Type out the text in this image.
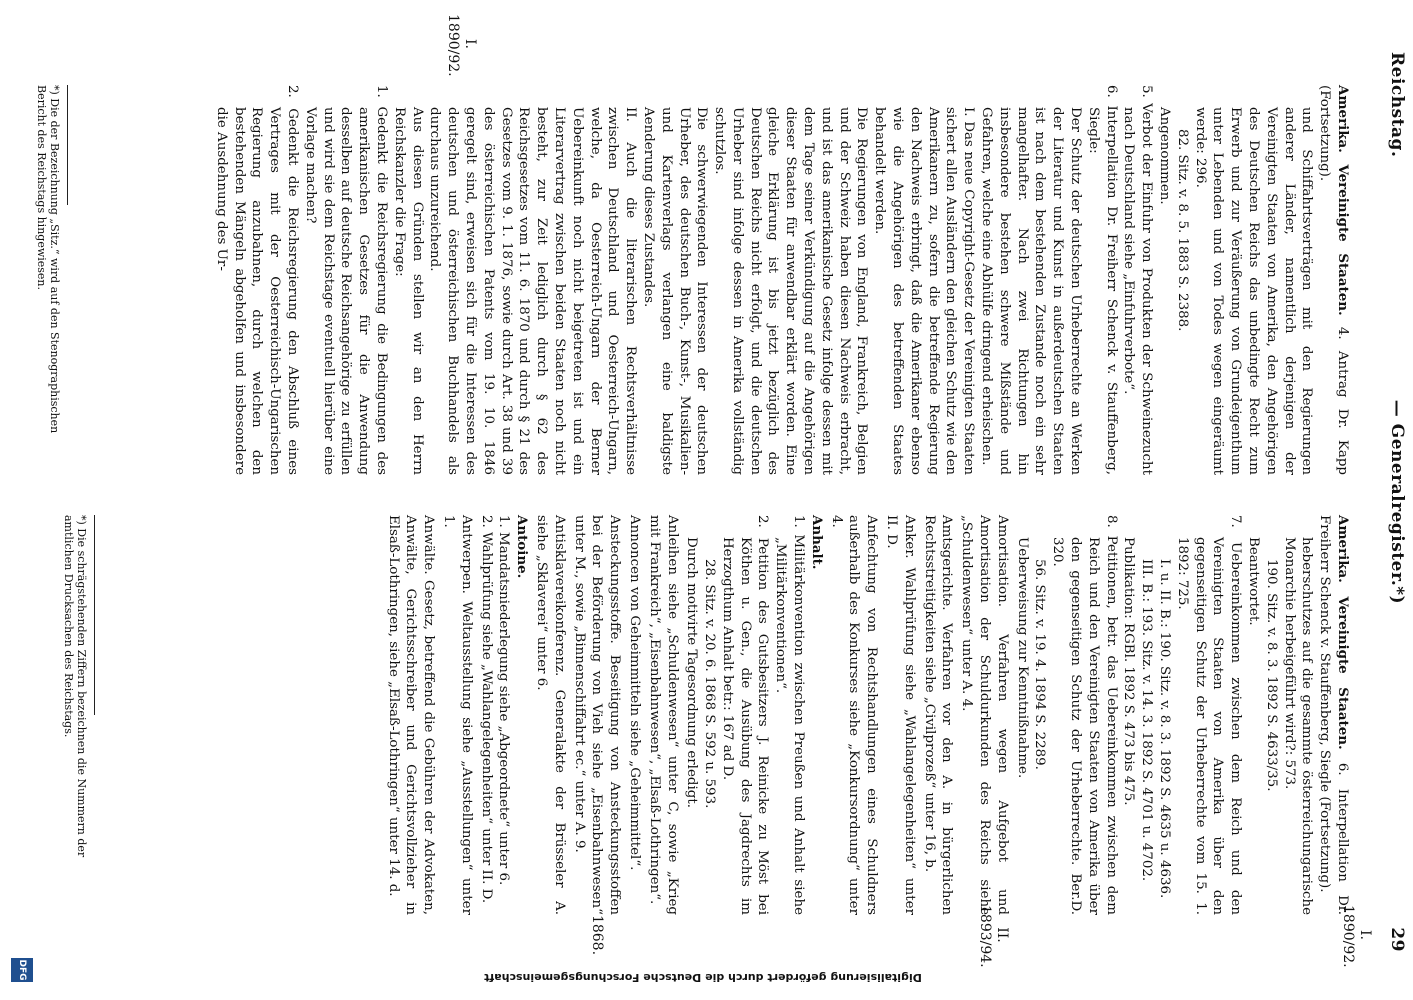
Reichstag.
— Generalregister.*)
29
I.
1890/92.
I.
1890/92.
II.
1893/94.
1868.

Amerika. Vereinigte Staaten. 4. Antrag Dr. Kapp (Fortsetzung).

und Schiffahrtsverträgen mit den Regierungen anderer Länder, namentlich derjenigen der Vereinigten Staaten von Amerika, den Angehörigen des Deutschen Reichs das unbedingte Recht zum Erwerb und zur Veräußerung von Grundeigenthum unter Lebenden und von Todes wegen eingeräumt werde: 296.

82. Sitz. v. 8. 5. 1883 S. 2388.

Angenommen.

5. Verbot der Einfuhr von Produkten der Schweinezucht nach Deutschland siehe „Einfuhrverbote“.

6. Interpellation Dr. Freiherr Schenck v. Stauffenberg, Siegle:

Der Schutz der deutschen Urheberrechte an Werken der Literatur und Kunst in außerdeutschen Staaten ist nach dem bestehenden Zustande noch ein sehr mangelhafter. Nach zwei Richtungen hin insbesondere bestehen schwere Mißstände und Gefahren, welche eine Abhülfe dringend erheischen.

I. Das neue Copyright-Gesetz der Vereinigten Staaten sichert allen Ausländern den gleichen Schutz wie den Amerikanern zu, sofern die betreffende Regierung den Nachweis erbringt, daß die Amerikaner ebenso wie die Angehörigen des betreffenden Staates behandelt werden.

Die Regierungen von England, Frankreich, Belgien und der Schweiz haben diesen Nachweis erbracht, und ist das amerikanische Gesetz infolge dessen mit dem Tage seiner Verkündigung auf die Angehörigen dieser Staaten für anwendbar erklärt worden. Eine gleiche Erklärung ist bis jetzt bezüglich des Deutschen Reichs nicht erfolgt, und die deutschen Urheber sind infolge dessen in Amerika vollständig schutzlos.

Die schwerwiegenden Interessen der deutschen Urheber, des deutschen Buch-, Kunst-, Musikalien- und Kartenverlags verlangen eine baldigste Aenderung dieses Zustandes.

II. Auch die literarischen Rechtsverhältnisse zwischen Deutschland und Oesterreich-Ungarn, welche, da Oesterreich-Ungarn der Berner Uebereinkunft noch nicht beigetreten ist und ein Literarvertrag zwischen beiden Staaten noch nicht besteht, zur Zeit lediglich durch § 62 des Reichsgesetzes vom 11. 6. 1870 und durch § 21 des Gesetzes vom 9. 1. 1876, sowie durch Art. 38 und 39 des österreichischen Patents vom 19. 10. 1846 geregelt sind, erweisen sich für die Interessen des deutschen und österreichischen Buchhandels als durchaus unzureichend.

Aus diesen Gründen stellen wir an den Herrn Reichskanzler die Frage:

1. Gedenkt die Reichsregierung die Bedingungen des amerikanischen Gesetzes für die Anwendung desselben auf deutsche Reichsangehörige zu erfüllen und wird sie dem Reichstage eventuell hierüber eine Vorlage machen?

2. Gedenkt die Reichsregierung den Abschluß eines Vertrages mit der Oesterreichisch-Ungarischen Regierung anzubahnen, durch welchen den bestehenden Mängeln abgeholfen und insbesondere die Ausdehnung des Ur-

*) Die der Bezeichnung „Sitz.“ wird auf den Stenographischen Bericht des Reichstags hingewiesen.

Amerika. Vereinigte Staaten. 6. Interpellation Dr. Freiherr Schenck v. Stauffenberg, Siegle (Fortsetzung).

heberschutzes auf die gesammte österreichungarische Monarchie herbeigeführt wird?: 573.

190. Sitz. v. 8. 3. 1892 S. 4633/35.

Beantwortet.

7. Uebereinkommen zwischen dem Reich und den Vereinigten Staaten von Amerika über den gegenseitigen Schutz der Urheberrechte vom 15. 1. 1892: 725.

I. u. II. B.: 190. Sitz. v. 8. 3. 1892 S. 4635 u. 4636.

III. B.: 193. Sitz. v. 14. 3. 1892 S. 4701 u. 4702.

Publikation: RGBl. 1892 S. 473 bis 475.

8. Petitionen, betr. das Uebereinkommen zwischen dem Reich und den Vereinigten Staaten von Amerika über den gegenseitigen Schutz der Urheberrechte. Ber.D. 320.

56. Sitz. v. 19. 4. 1894 S. 2289.

Ueberweisung zur Kenntnißnahme.

Amortisation. Verfahren wegen Aufgebot und Amortisation der Schuldurkunden des Reichs siehe „Schuldenwesen“ unter A. 4.

Amtsgerichte. Verfahren vor den A. in bürgerlichen Rechtsstreitigkeiten siehe „Civilprozeß“ unter 16, b.

Anker. Wahlprüfung siehe „Wahlangelegenheiten“ unter II. D.

Anfechtung von Rechtshandlungen eines Schuldners außerhalb des Konkurses siehe „Konkursordnung“ unter 4.

Anhalt.

1. Militärkonvention zwischen Preußen und Anhalt siehe „Militärkonventionen“.

2. Petition des Gutsbesitzers J. Reinicke zu Möst bei Köthen u. Gen., die Ausübung des Jagdrechts im Herzogthum Anhalt betr.: 167 ad D.

28. Sitz. v. 20. 6. 1868 S. 592 u. 593.

Durch motivirte Tagesordnung erledigt.

Anleihen siehe „Schuldenwesen“ unter C, sowie „Krieg mit Frankreich“, „Eisenbahnwesen“, „Elsaß-Lothringen“.

Annoncen von Geheimmitteln siehe „Geheimmittel“.

Ansteckungsstoffe. Beseitigung von Ansteckungsstoffen bei der Beförderung von Vieh siehe „Eisenbahnwesen“ unter M., sowie „Binnenschiffahrt ec.“ unter A. 9.

Antisklavereikonferenz. Generalakte der Brüsseler A. siehe „Sklaverei“ unter 6.

Antoine.

1. Mandatsniederlegung siehe „Abgeordnete“ unter 6.

2. Wahlprüfung siehe „Wahlangelegenheiten“ unter II. D.

Antwerpen. Weltausstellung siehe „Ausstellungen“ unter 1.

Anwälte. Gesetz, betreffend die Gebühren der Advokaten, Anwälte, Gerichtsschreiber und Gerichtsvollzieher in Elsaß-Lothringen, siehe „Elsaß-Lothringen“ unter 14. d.

*) Die schrägstehenden Ziffern bezeichnen die Nummern der amtlichen Drucksachen des Reichstags.
Digitalisierung gefördert durch die Deutsche Forschungsgemeinschaft
DFG
